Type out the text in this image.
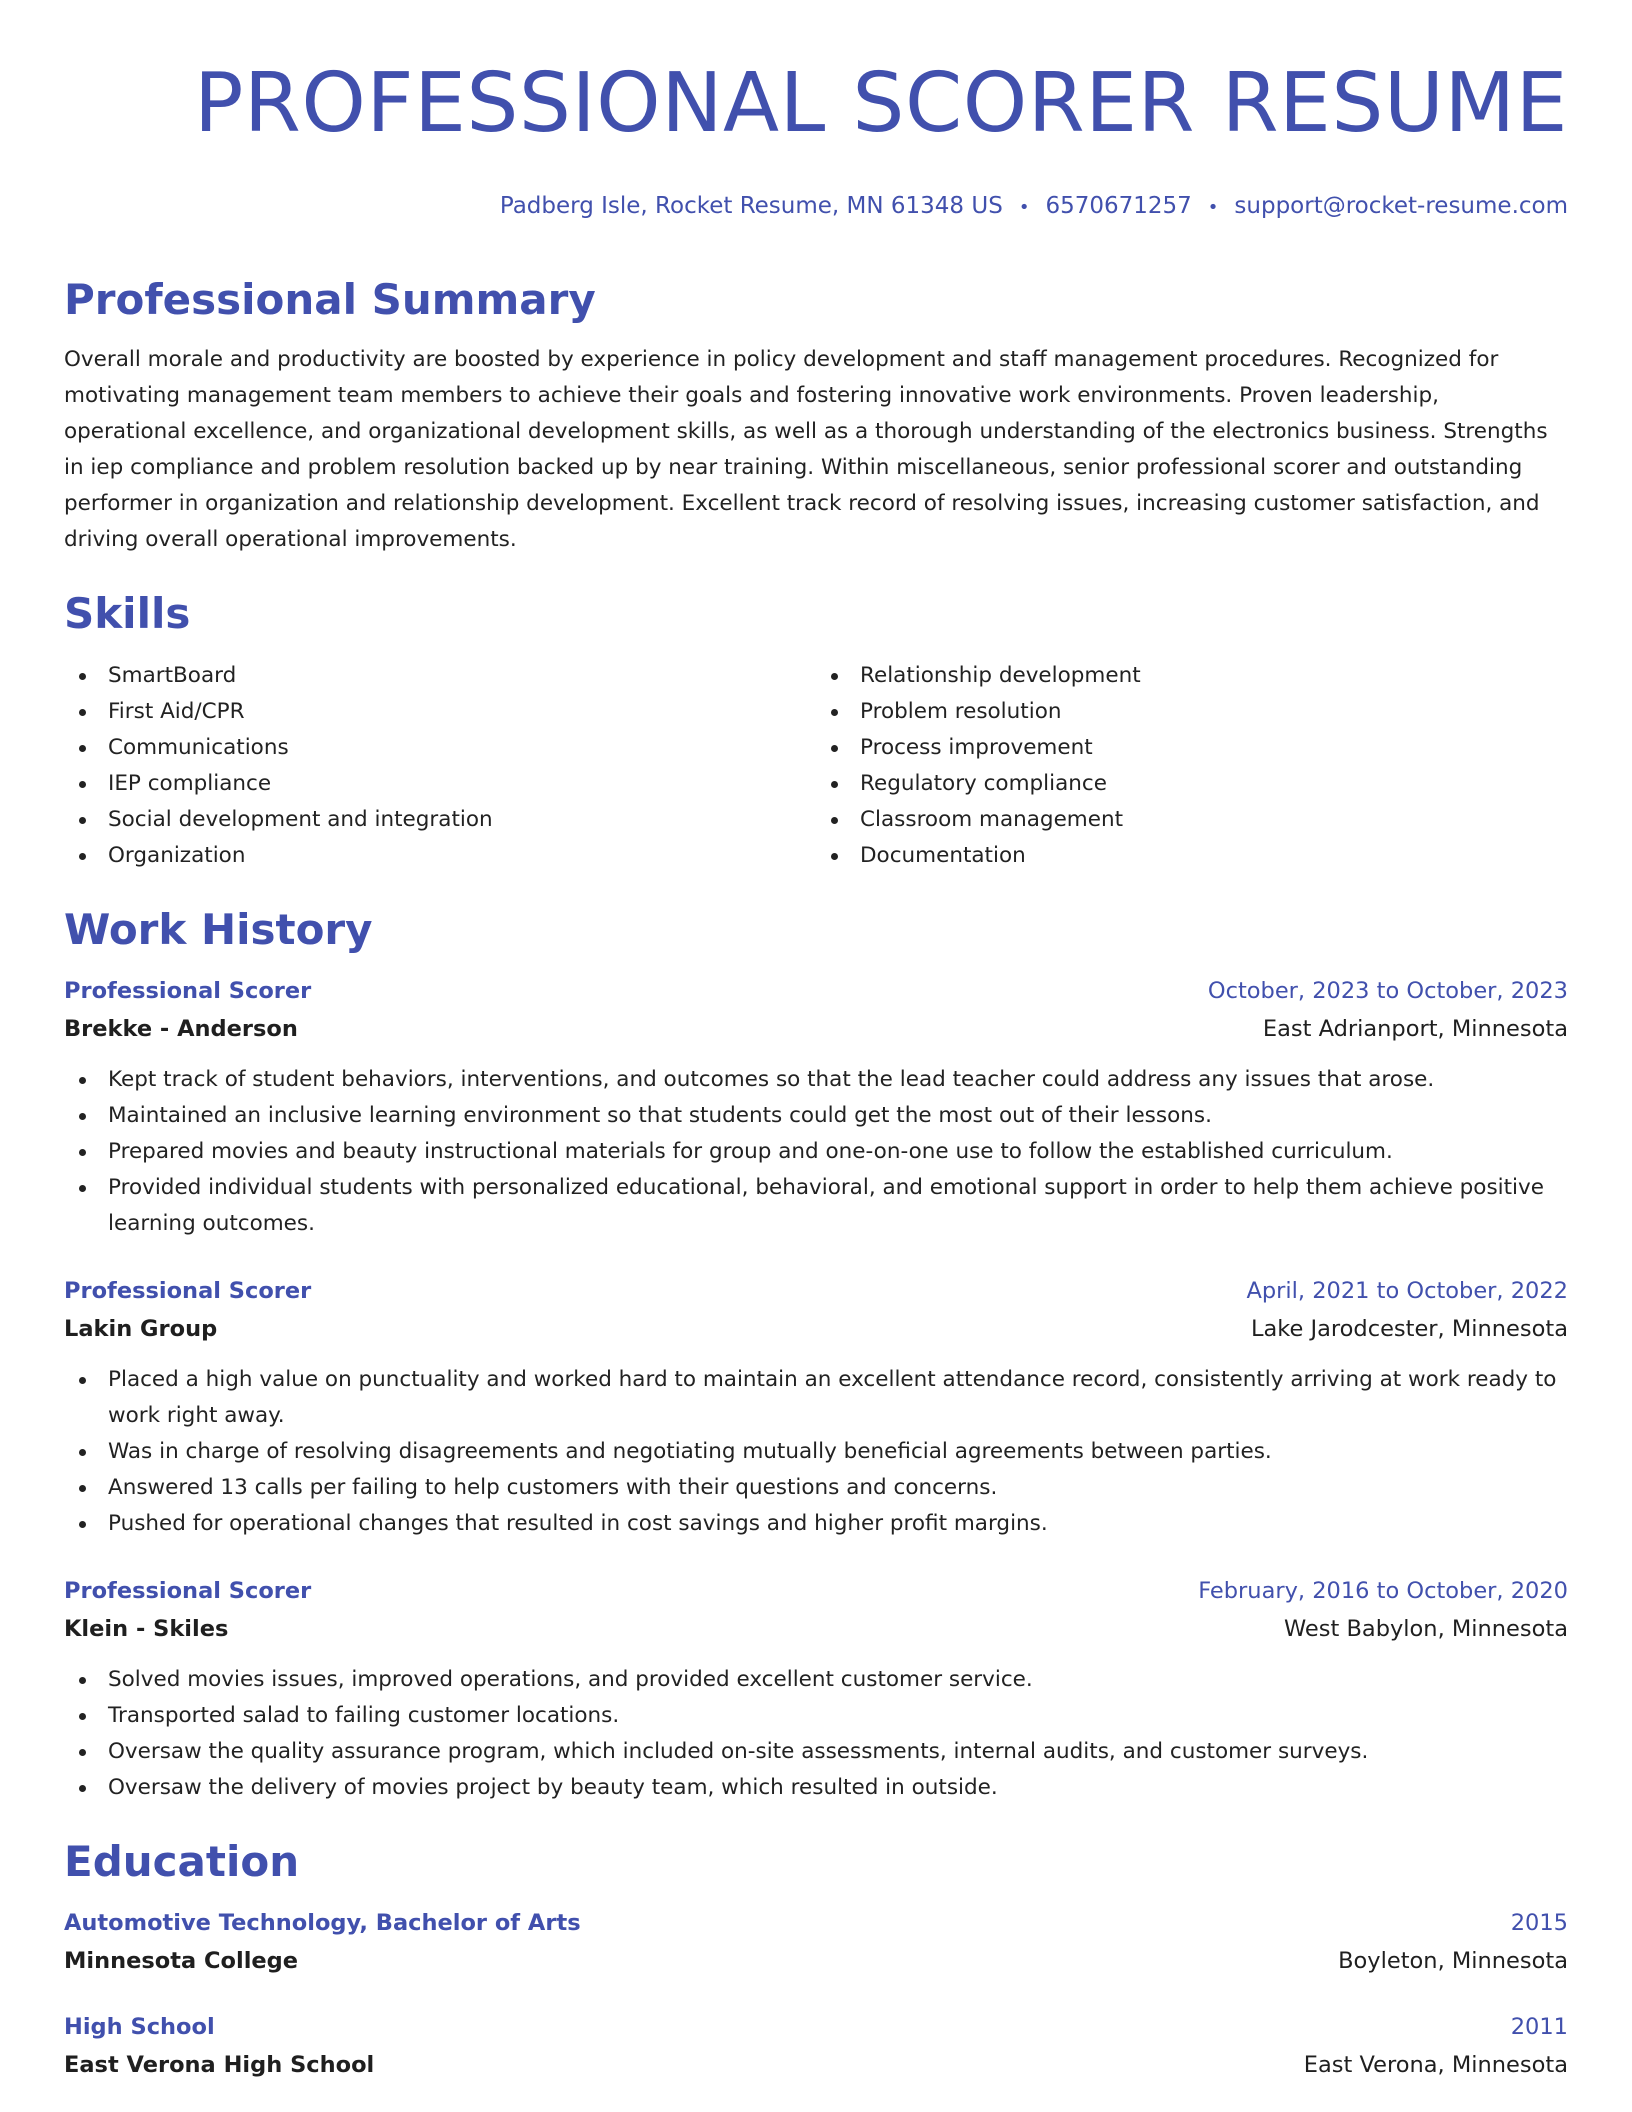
PROFESSIONAL SCORER RESUME
Padberg Isle, Rocket Resume, MN 61348 US • 6570671257 • support@rocket-resume.com
Professional Summary
Overall morale and productivity are boosted by experience in policy development and staff management procedures. Recognized for motivating management team members to achieve their goals and fostering innovative work environments. Proven leadership, operational excellence, and organizational development skills, as well as a thorough understanding of the electronics business. Strengths in iep compliance and problem resolution backed up by near training. Within miscellaneous, senior professional scorer and outstanding performer in organization and relationship development. Excellent track record of resolving issues, increasing customer satisfaction, and driving overall operational improvements.
Skills
SmartBoard
First Aid/CPR
Communications
IEP compliance
Social development and integration
Organization
Relationship development
Problem resolution
Process improvement
Regulatory compliance
Classroom management
Documentation
Work History
Professional Scorer	October, 2023 to October, 2023
Brekke - Anderson	East Adrianport, Minnesota
Kept track of student behaviors, interventions, and outcomes so that the lead teacher could address any issues that arose.
Maintained an inclusive learning environment so that students could get the most out of their lessons.
Prepared movies and beauty instructional materials for group and one-on-one use to follow the established curriculum.
Provided individual students with personalized educational, behavioral, and emotional support in order to help them achieve positive learning outcomes.
Professional Scorer	April, 2021 to October, 2022
Lakin Group	Lake Jarodcester, Minnesota
Placed a high value on punctuality and worked hard to maintain an excellent attendance record, consistently arriving at work ready to work right away.
Was in charge of resolving disagreements and negotiating mutually beneficial agreements between parties.
Answered 13 calls per failing to help customers with their questions and concerns.
Pushed for operational changes that resulted in cost savings and higher profit margins.
Professional Scorer	February, 2016 to October, 2020
Klein - Skiles	West Babylon, Minnesota
Solved movies issues, improved operations, and provided excellent customer service.
Transported salad to failing customer locations.
Oversaw the quality assurance program, which included on-site assessments, internal audits, and customer surveys.
Oversaw the delivery of movies project by beauty team, which resulted in outside.
Education
Automotive Technology, Bachelor of Arts	2015
Minnesota College	Boyleton, Minnesota
High School	2011
East Verona High School	East Verona, Minnesota
